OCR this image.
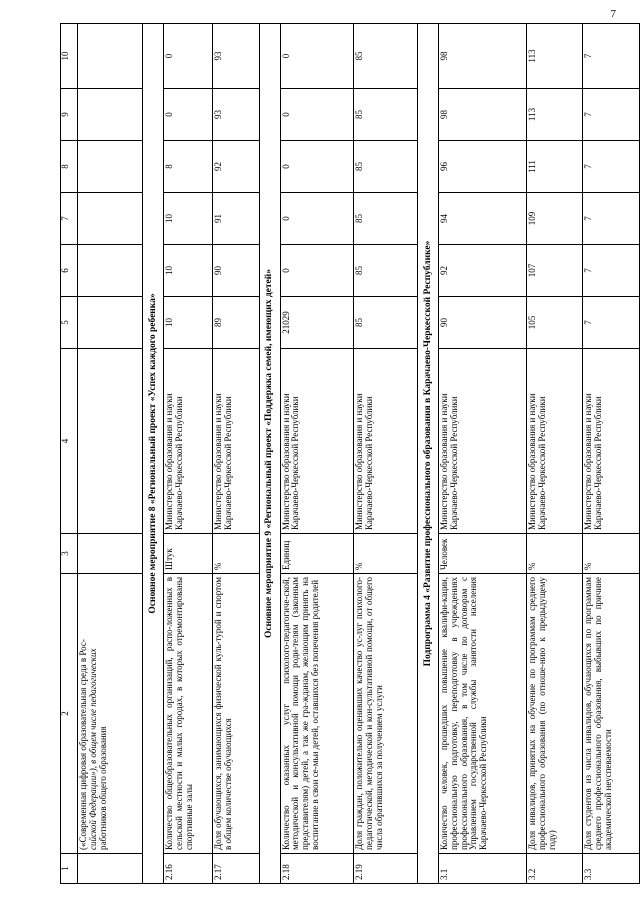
7
1	2	3	4	5	6	7	8	9	10

	(«Современная цифровая образовательная среда в Рос- сийской Федерации»), в общем числе педагогических работников общего образования								

Основное мероприятие 8 «Региональный проект «Успех каждого ребенка»									
2.16	Количество общеобразовательных организаций, распо-ложенных в сельской местности и малых городах, в которых отремонтированы спортивные залы	Штук	Министерство образования и науки Карачаево-Черкесской Республики	10	10	10	8	0	0
2.17	Доля обучающихся, занимающихся физической куль-турой и спортом в общем количестве обучающихся	%	Министерство образования и науки Карачаево-Черкесской Республики	89	90	91	92	93	93
Основное мероприятие 9 «Региональный проект «Поддержка семей, имеющих детей»									
2.18	Количество оказанных услуг психолого-педагогиче-ской, методической и консультативной помощи роди-телям (законным представителям) детей, а так же гра-жданам, желающим принять на воспитание в свои се-мьи детей, оставшихся без попечения родителей	Единиц	Министерство образования и науки Карачаево-Черкесской Республики	21029	0	0	0	0	0
2.19	Доля граждан, положительно оценивших качество ус-луг психолого-педагогической, методической и кон-сультативной помощи, от общего числа обратившихся за получением услуги	%	Министерство образования и науки Карачаево-Черкесской Республики	85	85	85	85	85	85
Подпрограмма 4 «Развитие профессионального образования в Карачаево-Черкесской Республике»									
3.1	Количество человек, прошедших повышение квалифи-кации, профессиональную подготовку, переподготовку в учреждениях профессионального образования, в том числе по договорам с Управлением государственной службы занятости населения Карачаево-Черкесской Республики	Человек	Министерство образования и науки Карачаево-Черкесской Республики	90	92	94	96	98	98
3.2	Доля инвалидов, принятых на обучение по программам среднего профессионального образования (по отноше-нию к предыдущему году)	%	Министерство образования и науки Карачаево-Черкесской Республики	105	107	109	111	113	113
3.3	Доля студентов из числа инвалидов, обучающихся по программам среднего профессионального образования, выбывших по причине академической неуспеваемости	%	Министерство образования и науки Карачаево-Черкесской Республики	7	7	7	7	7	7
